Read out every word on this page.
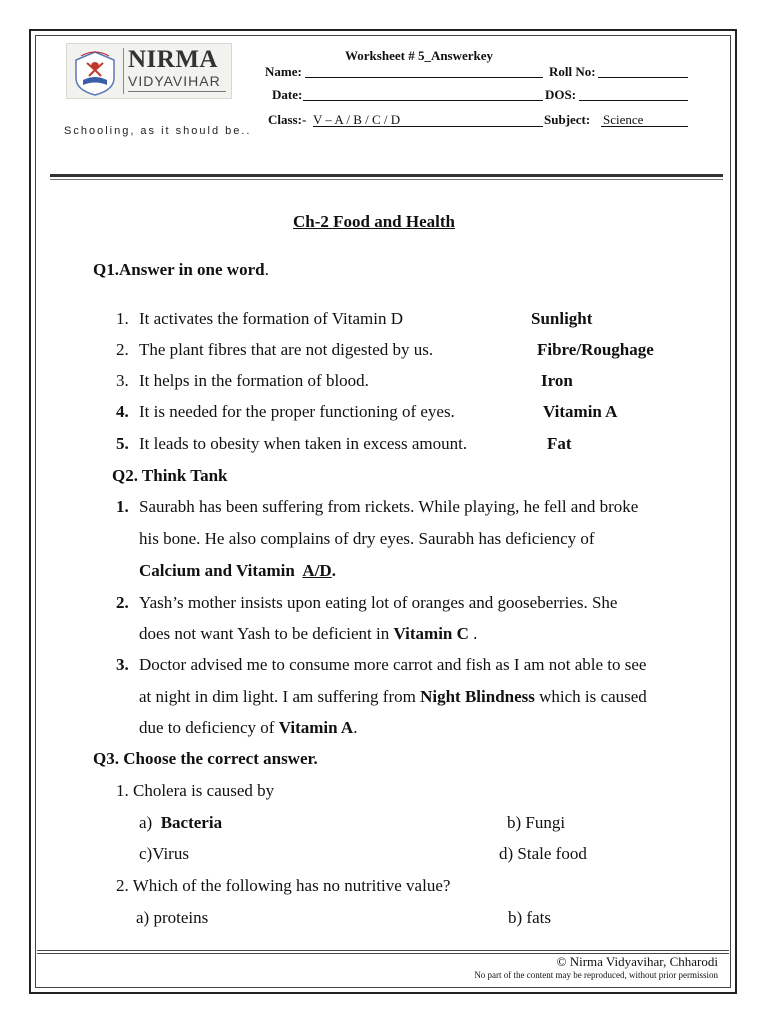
NIRMA
VIDYAVIHAR
Schooling, as it should be..
Worksheet # 5_Answerkey
Name:	Roll No:
Date:	DOS:
Class:- V – A / B / C / D	Subject: Science
Ch-2 Food and Health
Q1.Answer in one word.
1. It activates the formation of Vitamin D	Sunlight
2. The plant fibres that are not digested by us.	Fibre/Roughage
3. It helps in the formation of blood.	Iron
4. It is needed for the proper functioning of eyes.	Vitamin A
5. It leads to obesity when taken in excess amount.	Fat
Q2. Think Tank
1. Saurabh has been suffering from rickets. While playing, he fell and broke
his bone. He also complains of dry eyes. Saurabh has deficiency of
Calcium and Vitamin A/D.
2. Yash’s mother insists upon eating lot of oranges and gooseberries. She
does not want Yash to be deficient in Vitamin C .
3. Doctor advised me to consume more carrot and fish as I am not able to see
at night in dim light. I am suffering from Night Blindness which is caused
due to deficiency of Vitamin A.
Q3. Choose the correct answer.
1. Cholera is caused by
a) Bacteria	b) Fungi
c)Virus	d) Stale food
2. Which of the following has no nutritive value?
a) proteins	b) fats
© Nirma Vidyavihar, Chharodi
No part of the content may be reproduced, without prior permission
